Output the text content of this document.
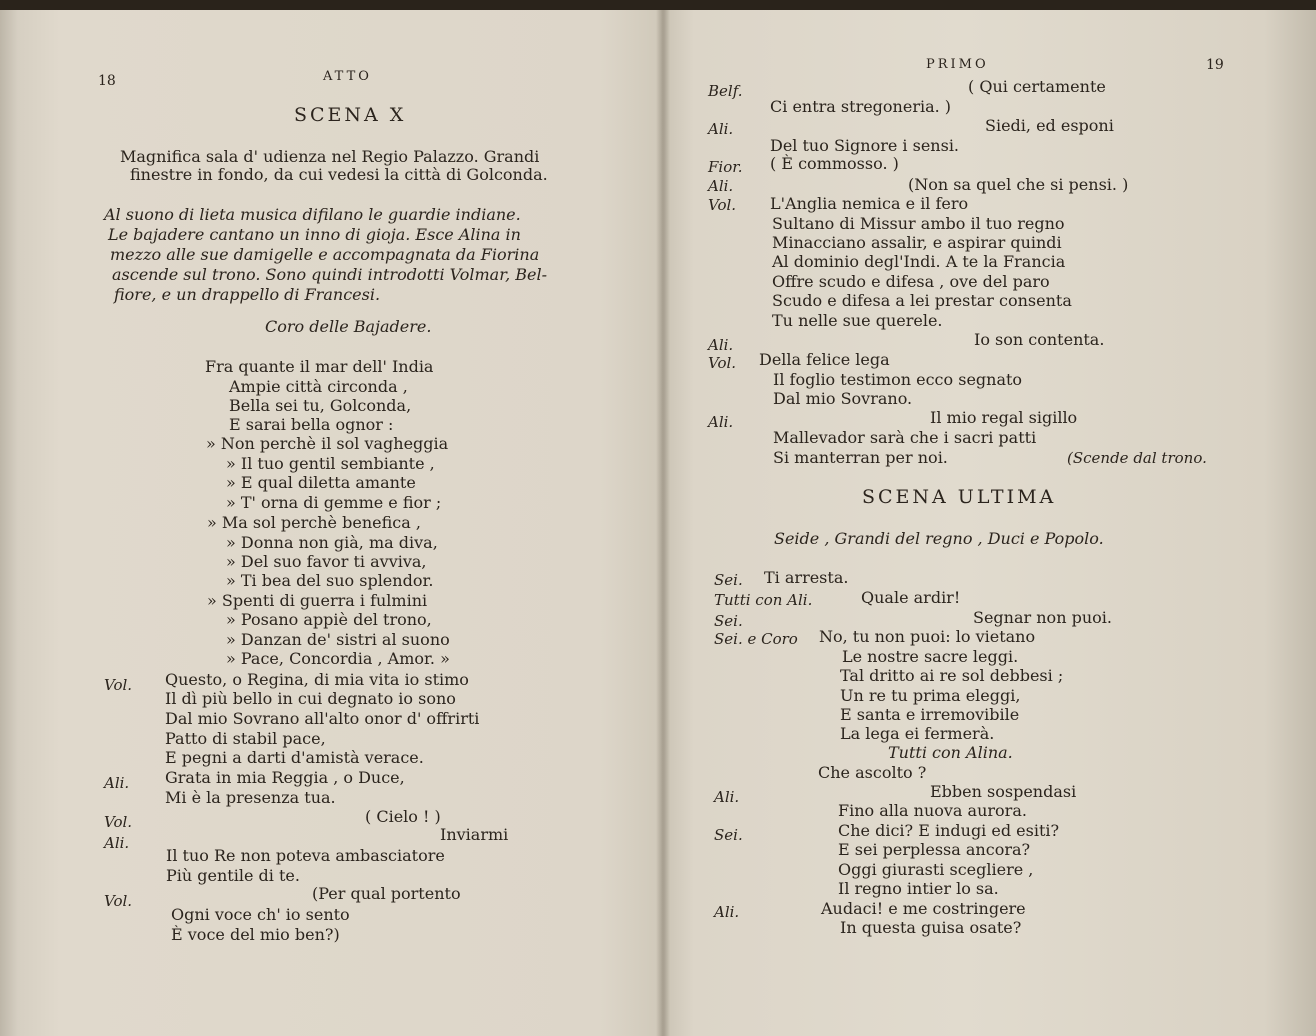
18	ATTO
SCENA X
Magnifica sala d' udienza nel Regio Palazzo. Grandi
finestre in fondo, da cui vedesi la città di Golconda.
Al suono di lieta musica difilano le guardie indiane.
Le bajadere cantano un inno di gioja. Esce Alina in
mezzo alle sue damigelle e accompagnata da Fiorina
ascende sul trono. Sono quindi introdotti Volmar, Bel-
fiore, e un drappello di Francesi.
Coro delle Bajadere.
Fra quante il mar dell' India
Ampie città circonda ,
Bella sei tu, Golconda,
E sarai bella ognor :
» Non perchè il sol vagheggia
» Il tuo gentil sembiante ,
» E qual diletta amante
» T' orna di gemme e fior ;
» Ma sol perchè benefica ,
» Donna non già, ma diva,
» Del suo favor ti avviva,
» Ti bea del suo splendor.
» Spenti di guerra i fulmini
» Posano appiè del trono,
» Danzan de' sistri al suono
» Pace, Concordia , Amor. »
Vol. Questo, o Regina, di mia vita io stimo
Il dì più bello in cui degnato io sono
Dal mio Sovrano all'alto onor d' offrirti
Patto di stabil pace,
E pegni a darti d'amistà verace.
Ali. Grata in mia Reggia , o Duce,
Mi è la presenza tua.
Vol.	( Cielo ! )
Ali.	Inviarmi
Il tuo Re non poteva ambasciatore
Più gentile di te.
Vol.	(Per qual portento
Ogni voce ch' io sento
È voce del mio ben?)
PRIMO	19
Belf.	( Qui certamente
Ci entra stregoneria. )
Ali.	Siedi, ed esponi
Del tuo Signore i sensi.
Fior. ( È commosso. )
Ali.	(Non sa quel che si pensi. )
Vol. L'Anglia nemica e il fero
Sultano di Missur ambo il tuo regno
Minacciano assalir, e aspirar quindi
Al dominio degl'Indi. A te la Francia
Offre scudo e difesa , ove del paro
Scudo e difesa a lei prestar consenta
Tu nelle sue querele.
Ali.	Io son contenta.
Vol. Della felice lega
Il foglio testimon ecco segnato
Dal mio Sovrano.
Ali.	Il mio regal sigillo
Mallevador sarà che i sacri patti
Si manterran per noi.	(Scende dal trono.
SCENA ULTIMA
Seide , Grandi del regno , Duci e Popolo.
Sei. Ti arresta.
Tutti con Ali.	Quale ardir!
Sei.	Segnar non puoi.
Sei. e Coro No, tu non puoi: lo vietano
Le nostre sacre leggi.
Tal dritto ai re sol debbesi ;
Un re tu prima eleggi,
E santa e irremovibile
La lega ei fermerà.
Tutti con Alina.
Che ascolto ?
Ali.	Ebben sospendasi
Fino alla nuova aurora.
Sei.	Che dici? E indugi ed esiti?
E sei perplessa ancora?
Oggi giurasti scegliere ,
Il regno intier lo sa.
Ali.	Audaci! e me costringere
In questa guisa osate?
